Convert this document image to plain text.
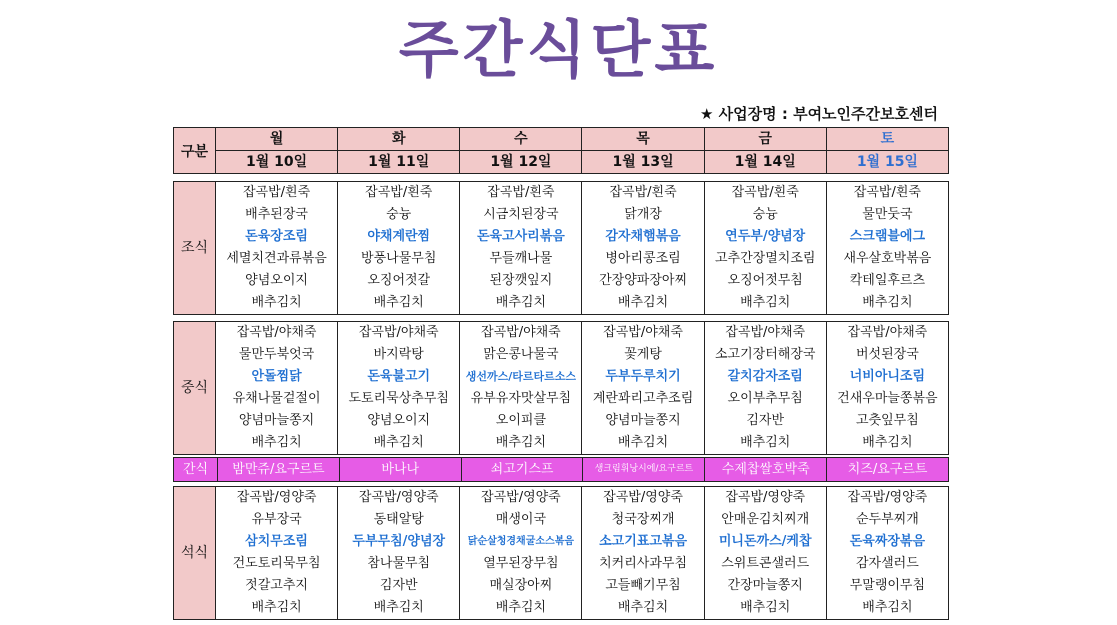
주간식단표
★ 사업장명 : 부여노인주간보호센터
구분	월	화	수	목	금	토
	1월 10일	1월 11일	1월 12일	1월 13일	1월 14일	1월 15일
조식	잡곡밥/흰죽	잡곡밥/흰죽	잡곡밥/흰죽	잡곡밥/흰죽	잡곡밥/흰죽	잡곡밥/흰죽
	배추된장국	숭늉	시금치된장국	닭개장	숭늉	물만둣국
	돈육장조림	야채계란찜	돈육고사리볶음	감자채햄볶음	연두부/양념장	스크램블에그
	세멸치견과류볶음	방풍나물무침	무들깨나물	병아리콩조림	고추간장멸치조림	새우살호박볶음
	양념오이지	오징어젓갈	된장깻잎지	간장양파장아찌	오징어젓무침	칵테일후르츠
	배추김치	배추김치	배추김치	배추김치	배추김치	배추김치
중식	잡곡밥/야채죽	잡곡밥/야채죽	잡곡밥/야채죽	잡곡밥/야채죽	잡곡밥/야채죽	잡곡밥/야채죽
	물만두북엇국	바지락탕	맑은콩나물국	꽃게탕	소고기장터해장국	버섯된장국
	안돌찜닭	돈육불고기	생선까스/타르타르소스	두부두루치기	갈치감자조림	너비아니조림
	유채나물겉절이	도토리묵상추무침	유부유자맛살무침	계란꽈리고추조림	오이부추무침	건새우마늘쫑볶음
	양념마늘쫑지	양념오이지	오이피클	양념마늘쫑지	김자반	고춧잎무침
	배추김치	배추김치	배추김치	배추김치	배추김치	배추김치
간식	밤만쥬/요구르트	바나나	쇠고기스프	생크림휘낭시에/요구르트	수제찹쌀호박죽	치즈/요구르트
석식	잡곡밥/영양죽	잡곡밥/영양죽	잡곡밥/영양죽	잡곡밥/영양죽	잡곡밥/영양죽	잡곡밥/영양죽
	유부장국	동태알탕	매생이국	청국장찌개	안매운김치찌개	순두부찌개
	삼치무조림	두부무침/양념장	닭순살청경채굴소스볶음	소고기표고볶음	미니돈까스/케찹	돈육짜장볶음
	건도토리묵무침	참나물무침	열무된장무침	치커리사과무침	스위트콘샐러드	감자샐러드
	젓갈고추지	김자반	매실장아찌	고들빼기무침	간장마늘쫑지	무말랭이무침
	배추김치	배추김치	배추김치	배추김치	배추김치	배추김치
